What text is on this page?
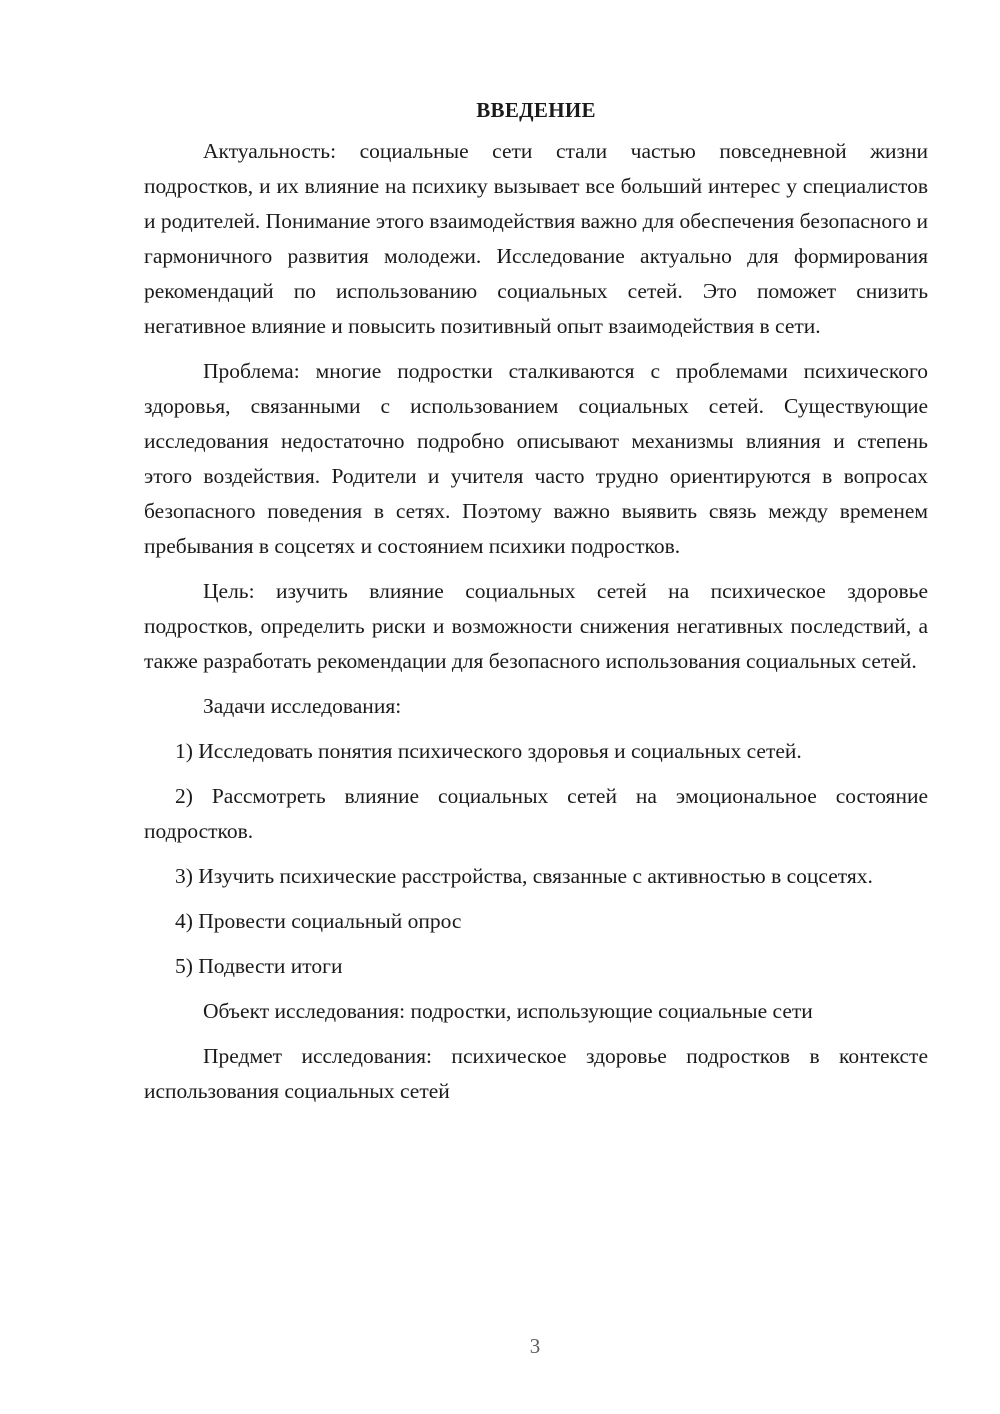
ВВЕДЕНИЕ

Актуальность: социальные сети стали частью повседневной жизни подростков, и их влияние на психику вызывает все больший интерес у специалистов и родителей. Понимание этого взаимодействия важно для обеспечения безопасного и гармоничного развития молодежи. Исследование актуально для формирования рекомендаций по использованию социальных сетей. Это поможет снизить негативное влияние и повысить позитивный опыт взаимодействия в сети.

Проблема: многие подростки сталкиваются с проблемами психического здоровья, связанными с использованием социальных сетей. Существующие исследования недостаточно подробно описывают механизмы влияния и степень этого воздействия. Родители и учителя часто трудно ориентируются в вопросах безопасного поведения в сетях. Поэтому важно выявить связь между временем пребывания в соцсетях и состоянием психики подростков.

Цель: изучить влияние социальных сетей на психическое здоровье подростков, определить риски и возможности снижения негативных последствий, а также разработать рекомендации для безопасного использования социальных сетей.

Задачи исследования:

1) Исследовать понятия психического здоровья и социальных сетей.

2) Рассмотреть влияние социальных сетей на эмоциональное состояние подростков.

3) Изучить психические расстройства, связанные с активностью в соцсетях.

4) Провести социальный опрос

5) Подвести итоги

Объект исследования: подростки, использующие социальные сети

Предмет исследования: психическое здоровье подростков в контексте использования социальных сетей

3
